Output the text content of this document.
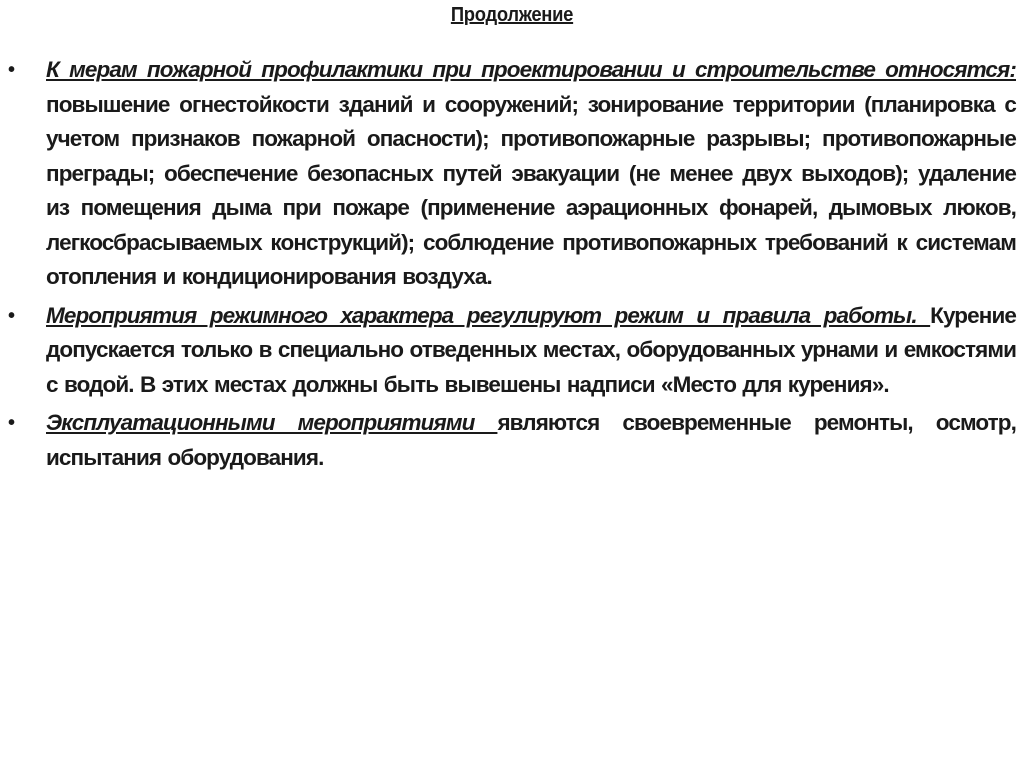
Продолжение
•	К мерам пожарной профилактики при проектировании и строительстве относятся: повышение огнестойкости зданий и сооружений; зонирование территории (планировка с учетом признаков пожарной опасности); противопожарные разрывы; противопожарные преграды; обеспечение безопасных путей эвакуации (не менее двух выходов); удаление из помещения дыма при пожаре (применение аэрационных фонарей, дымовых люков, легкосбрасываемых конструкций); соблюдение противопожарных требований к системам отопления и кондиционирования воздуха.
•	Мероприятия режимного характера регулируют режим и правила работы. Курение допускается только в специально отведенных местах, оборудованных урнами и емкостями с водой. В этих местах должны быть вывешены надписи «Место для курения».
•	Эксплуатационными мероприятиями являются своевременные ремонты, осмотр, испытания оборудования.
